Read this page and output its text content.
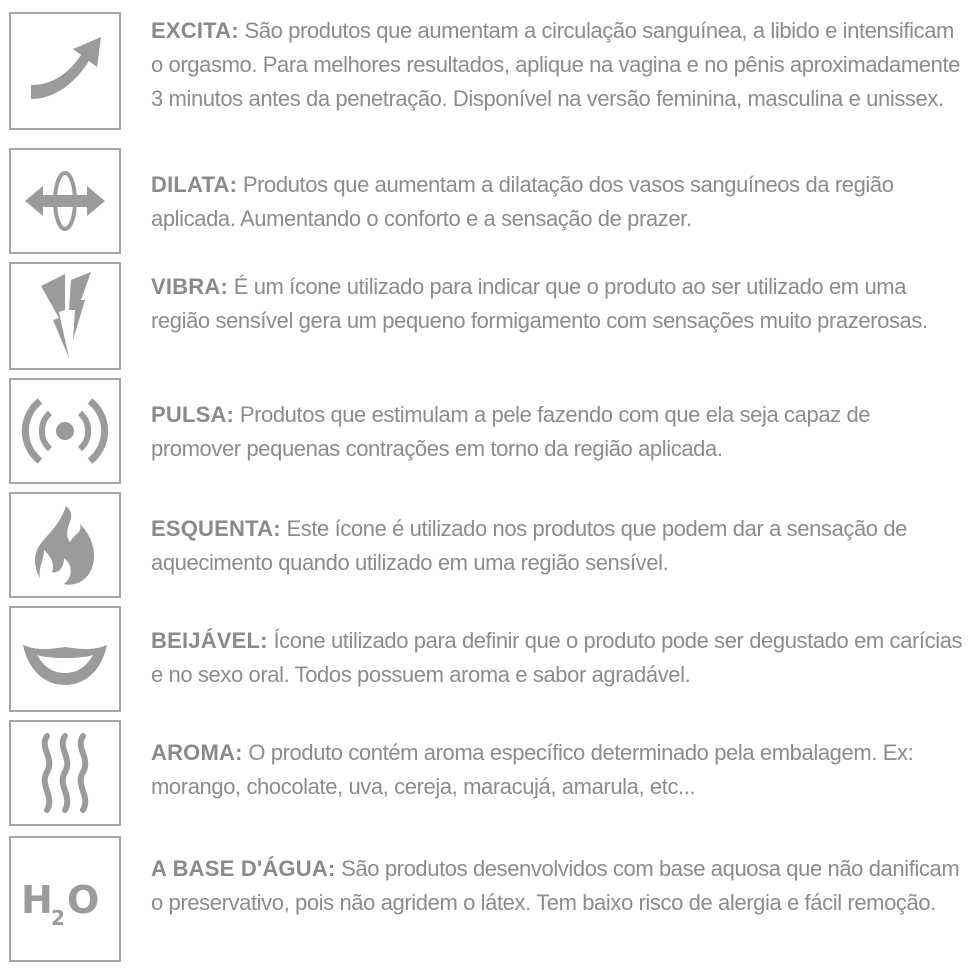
EXCITA: São produtos que aumentam a circulação sanguínea, a libido e intensificam o orgasmo. Para melhores resultados, aplique na vagina e no pênis aproximadamente 3 minutos antes da penetração. Disponível na versão feminina, masculina e unissex.
DILATA: Produtos que aumentam a dilatação dos vasos sanguíneos da região aplicada. Aumentando o conforto e a sensação de prazer.
VIBRA: É um ícone utilizado para indicar que o produto ao ser utilizado em uma região sensível gera um pequeno formigamento com sensações muito prazerosas.
PULSA: Produtos que estimulam a pele fazendo com que ela seja capaz de promover pequenas contrações em torno da região aplicada.
ESQUENTA: Este ícone é utilizado nos produtos que podem dar a sensação de aquecimento quando utilizado em uma região sensível.
BEIJÁVEL: Ícone utilizado para definir que o produto pode ser degustado em carícias e no sexo oral. Todos possuem aroma e sabor agradável.
AROMA: O produto contém aroma específico determinado pela embalagem. Ex: morango, chocolate, uva, cereja, maracujá, amarula, etc...
H
2 O
A BASE D'ÁGUA: São produtos desenvolvidos com base aquosa que não danificam o preservativo, pois não agridem o látex. Tem baixo risco de alergia e fácil remoção.
